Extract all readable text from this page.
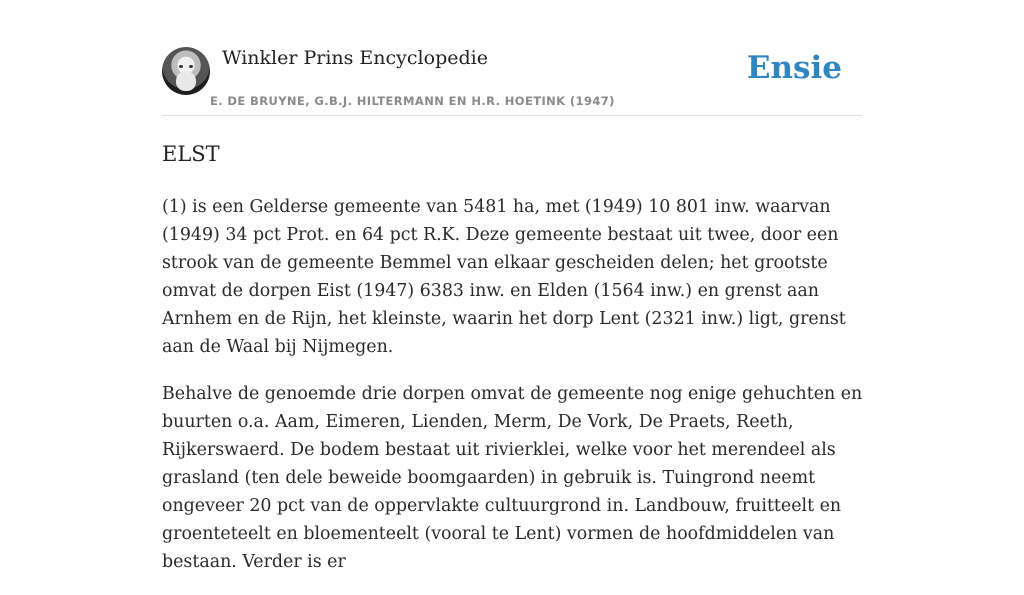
Winkler Prins Encyclopedie
E. DE BRUYNE, G.B.J. HILTERMANN EN H.R. HOETINK (1947)
Ensie
ELST

(1) is een Gelderse gemeente van 5481 ha, met (1949) 10 801 inw. waarvan (1949) 34 pct Prot. en 64 pct R.K. Deze gemeente bestaat uit twee, door een strook van de gemeente Bemmel van elkaar gescheiden delen; het grootste omvat de dorpen Eist (1947) 6383 inw. en Elden (1564 inw.) en grenst aan Arnhem en de Rijn, het kleinste, waarin het dorp Lent (2321 inw.) ligt, grenst aan de Waal bij Nijmegen.

Behalve de genoemde drie dorpen omvat de gemeente nog enige gehuchten en buurten o.a. Aam, Eimeren, Lienden, Merm, De Vork, De Praets, Reeth, Rijkerswaerd. De bodem bestaat uit rivierklei, welke voor het merendeel als grasland (ten dele beweide boomgaarden) in gebruik is. Tuingrond neemt ongeveer 20 pct van de oppervlakte cultuurgrond in. Landbouw, fruitteelt en groenteteelt en bloementeelt (vooral te Lent) vormen de hoofdmiddelen van bestaan. Verder is er
